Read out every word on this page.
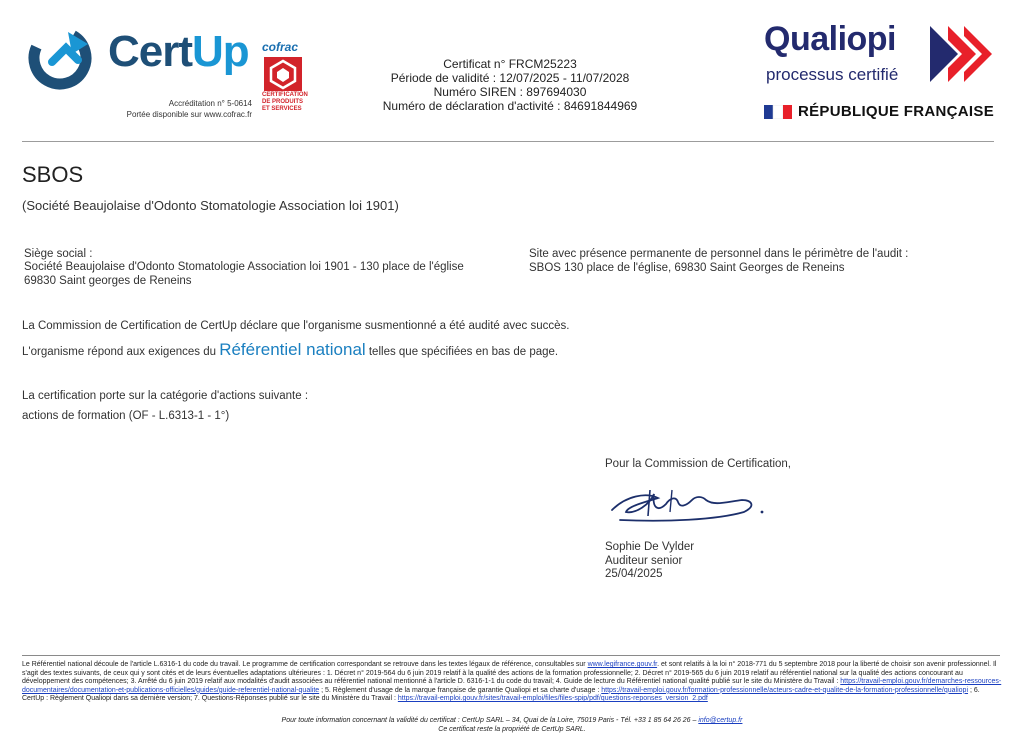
CertUp
Accréditation n° 5-0614
Portée disponible sur www.cofrac.fr
cofrac
CERTIFICATION DE PRODUITS ET SERVICES
Certificat n° FRCM25223
Période de validité : 12/07/2025 - 11/07/2028
Numéro SIREN : 897694030
Numéro de déclaration d'activité : 84691844969
Qualiopi
processus certifié
RÉPUBLIQUE FRANÇAISE
SBOS
(Société Beaujolaise d'Odonto Stomatologie Association loi 1901)
Siège social :
Société Beaujolaise d'Odonto Stomatologie Association loi 1901 - 130 place de l'église 69830 Saint georges de Reneins
Site avec présence permanente de personnel dans le périmètre de l'audit :
SBOS 130 place de l'église, 69830 Saint Georges de Reneins
La Commission de Certification de CertUp déclare que l'organisme susmentionné a été audité avec succès.
L'organisme répond aux exigences du Référentiel national telles que spécifiées en bas de page.
La certification porte sur la catégorie d'actions suivante :
actions de formation (OF - L.6313-1 - 1°)
Pour la Commission de Certification,
Sophie De Vylder
Auditeur senior
25/04/2025
Le Référentiel national découle de l'article L.6316-1 du code du travail. Le programme de certification correspondant se retrouve dans les textes légaux de référence, consultables sur www.legifrance.gouv.fr. et sont relatifs à la loi n° 2018-771 du 5 septembre 2018 pour la liberté de choisir son avenir professionnel. Il s'agit des textes suivants, de ceux qui y sont cités et de leurs éventuelles adaptations ultérieures : 1. Décret n° 2019-564 du 6 juin 2019 relatif à la qualité des actions de la formation professionnelle; 2. Décret n° 2019-565 du 6 juin 2019 relatif au référentiel national sur la qualité des actions concourant au développement des compétences; 3. Arrêté du 6 juin 2019 relatif aux modalités d'audit associées au référentiel national mentionné à l'article D. 6316-1-1 du code du travail; 4. Guide de lecture du Référentiel national qualité publié sur le site du Ministère du Travail : https://travail-emploi.gouv.fr/demarches-ressources-documentaires/documentation-et-publications-officielles/guides/guide-referentiel-national-qualite ; 5. Règlement d'usage de la marque française de garantie Qualiopi et sa charte d'usage : https://travail-emploi.gouv.fr/formation-professionnelle/acteurs-cadre-et-qualite-de-la-formation-professionnelle/qualiopi ; 6. CertUp : Règlement Qualiopi dans sa dernière version; 7. Questions-Réponses publié sur le site du Ministère du Travail : https://travail-emploi.gouv.fr/sites/travail-emploi/files/files-spip/pdf/questions-reponses_version_2.pdf
Pour toute information concernant la validité du certificat : CertUp SARL – 34, Quai de la Loire, 75019 Paris - Tél. +33 1 85 64 26 26 – info@certup.fr
Ce certificat reste la propriété de CertUp SARL.
